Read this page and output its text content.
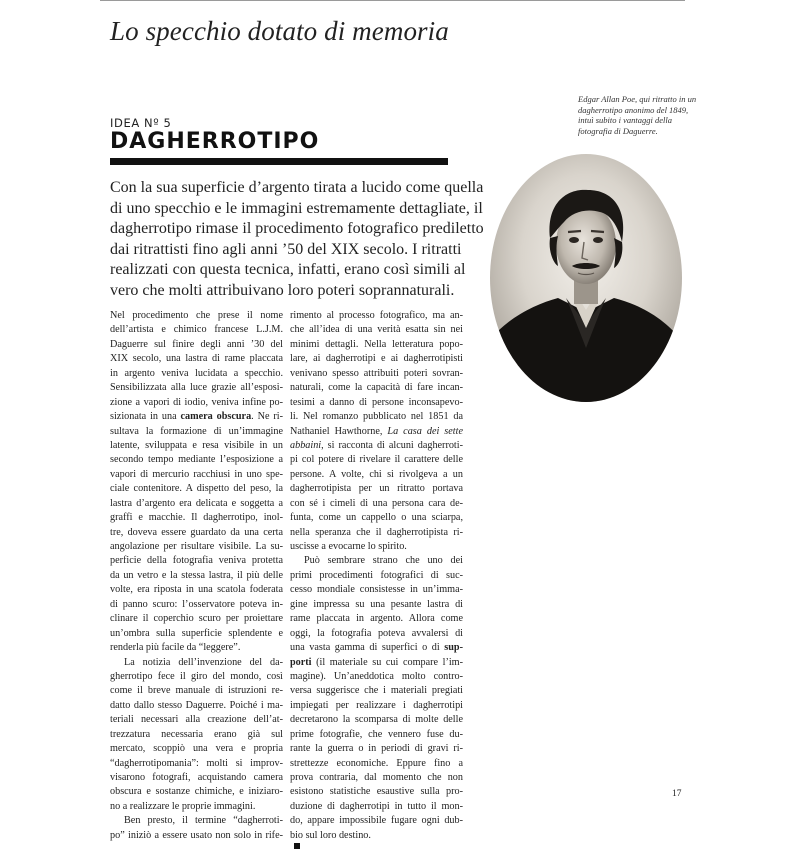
Lo specchio dotato di memoria
Edgar Allan Poe, qui ritratto in un
dagherrotipo anonimo del 1849,
intuì subito i vantaggi della
fotografia di Daguerre.
IDEA Nº 5
DAGHERROTIPO
Con la sua superficie d’argento tirata a lucido come quella
di uno specchio e le immagini estremamente dettagliate, il
dagherrotipo rimase il procedimento fotografico prediletto
dai ritrattisti fino agli anni ’50 del XIX secolo. I ritratti
realizzati con questa tecnica, infatti, erano così simili al
vero che molti attribuivano loro poteri soprannaturali.
Nel procedimento che prese il nome
dell’artista e chimico francese L.J.M.
Daguerre sul finire degli anni ’30 del
XIX secolo, una lastra di rame placcata
in argento veniva lucidata a specchio.
Sensibilizzata alla luce grazie all’esposi-
zione a vapori di iodio, veniva infine po-
sizionata in una camera obscura. Ne ri-
sultava la formazione di un’immagine
latente, sviluppata e resa visibile in un
secondo tempo mediante l’esposizione a
vapori di mercurio racchiusi in uno spe-
ciale contenitore. A dispetto del peso, la
lastra d’argento era delicata e soggetta a
graffi e macchie. Il dagherrotipo, inol-
tre, doveva essere guardato da una certa
angolazione per risultare visibile. La su-
perficie della fotografia veniva protetta
da un vetro e la stessa lastra, il più delle
volte, era riposta in una scatola foderata
di panno scuro: l’osservatore poteva in-
clinare il coperchio scuro per proiettare
un’ombra sulla superficie splendente e
renderla più facile da “leggere”.
La notizia dell’invenzione del da-
gherrotipo fece il giro del mondo, così
come il breve manuale di istruzioni re-
datto dallo stesso Daguerre. Poiché i ma-
teriali necessari alla creazione dell’at-
trezzatura necessaria erano già sul
mercato, scoppiò una vera e propria
“dagherrotipomania”: molti si improv-
visarono fotografi, acquistando camera
obscura e sostanze chimiche, e iniziaro-
no a realizzare le proprie immagini.
Ben presto, il termine “dagherroti-
po” iniziò a essere usato non solo in rife-
rimento al processo fotografico, ma an-
che all’idea di una verità esatta sin nei
minimi dettagli. Nella letteratura popo-
lare, ai dagherrotipi e ai dagherrotipisti
venivano spesso attribuiti poteri sovran-
naturali, come la capacità di fare incan-
tesimi a danno di persone inconsapevo-
li. Nel romanzo pubblicato nel 1851 da
Nathaniel Hawthorne, La casa dei sette
abbaini, si racconta di alcuni dagherroti-
pi col potere di rivelare il carattere delle
persone. A volte, chi si rivolgeva a un
dagherrotipista per un ritratto portava
con sé i cimeli di una persona cara de-
funta, come un cappello o una sciarpa,
nella speranza che il dagherrotipista ri-
uscisse a evocarne lo spirito.
Può sembrare strano che uno dei
primi procedimenti fotografici di suc-
cesso mondiale consistesse in un’imma-
gine impressa su una pesante lastra di
rame placcata in argento. Allora come
oggi, la fotografia poteva avvalersi di
una vasta gamma di superfici o di sup-
porti (il materiale su cui compare l’im-
magine). Un’aneddotica molto contro-
versa suggerisce che i materiali pregiati
impiegati per realizzare i dagherrotipi
decretarono la scomparsa di molte delle
prime fotografie, che vennero fuse du-
rante la guerra o in periodi di gravi ri-
strettezze economiche. Eppure fino a
prova contraria, dal momento che non
esistono statistiche esaustive sulla pro-
duzione di dagherrotipi in tutto il mon-
do, appare impossibile fugare ogni dub-
bio sul loro destino.
17
